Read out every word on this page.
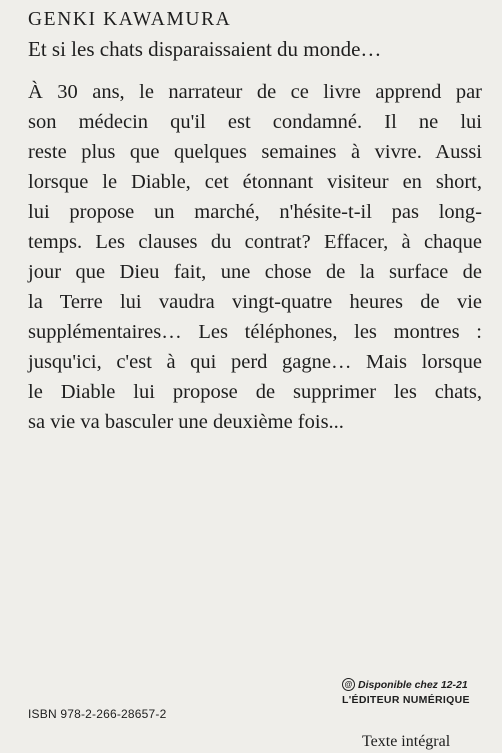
GENKI KAWAMURA
Et si les chats disparaissaient du monde…
À 30 ans, le narrateur de ce livre apprend par
son médecin qu'il est condamné. Il ne lui
reste plus que quelques semaines à vivre. Aussi
lorsque le Diable, cet étonnant visiteur en short,
lui propose un marché, n'hésite-t-il pas long-
temps. Les clauses du contrat? Effacer, à chaque
jour que Dieu fait, une chose de la surface de
la Terre lui vaudra vingt-quatre heures de vie
supplémentaires… Les téléphones, les montres :
jusqu'ici, c'est à qui perd gagne… Mais lorsque
le Diable lui propose de supprimer les chats,
sa vie va basculer une deuxième fois...
@ Disponible chez 12-21
L'ÉDITEUR NUMÉRIQUE
ISBN 978-2-266-28657-2
Texte intégral
